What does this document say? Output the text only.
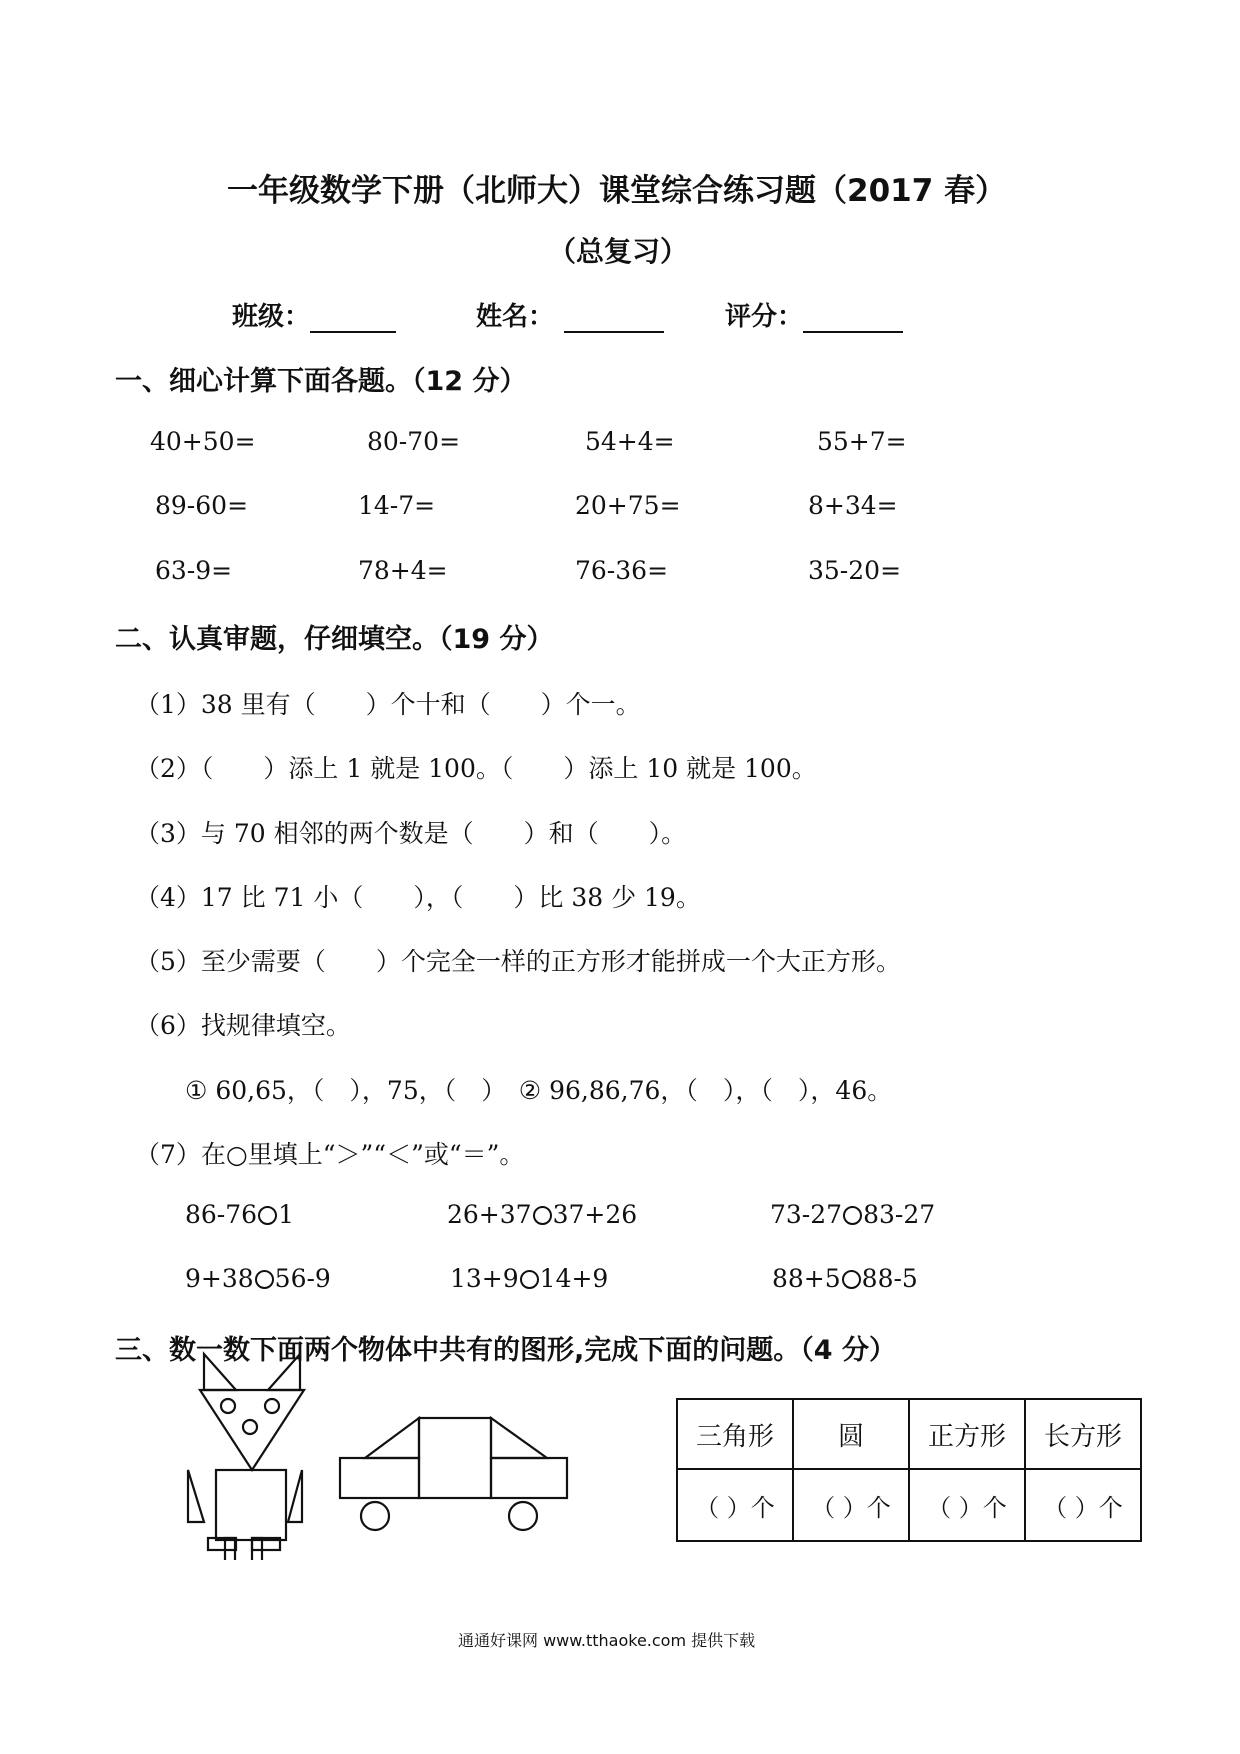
一年级数学下册（北师大）课堂综合练习题（2017 春）
（总复习）
班级：	姓名：	评分：
一、细心计算下面各题。（12 分）
40+50=	80-70=	54+4=	55+7=
89-60=	14-7=	20+75=	8+34=
63-9=	78+4=	76-36=	35-20=
二、认真审题，仔细填空。（19 分）
（1）38 里有（　　）个十和（　　）个一。
（2）（　　）添上 1 就是 100。（　　）添上 10 就是 100。
（3）与 70 相邻的两个数是（　　）和（　　）。
（4）17 比 71 小（　　），（　　）比 38 少 19。
（5）至少需要（　　）个完全一样的正方形才能拼成一个大正方形。
（6）找规律填空。
① 60,65，（　），75，（　）　② 96,86,76，（　），（　），46。
（7）在○里填上“＞”“＜”或“＝”。
86-76 1	26+37 37+26	73-27 83-27
9+38 56-9	13+9 14+9	88+5 88-5
三、数一数下面两个物体中共有的图形,完成下面的问题。（4 分）
三角形	圆	正方形	长方形
（ ）个	（ ）个	（ ）个	（ ）个
通通好课网 www.tthaoke.com 提供下载
